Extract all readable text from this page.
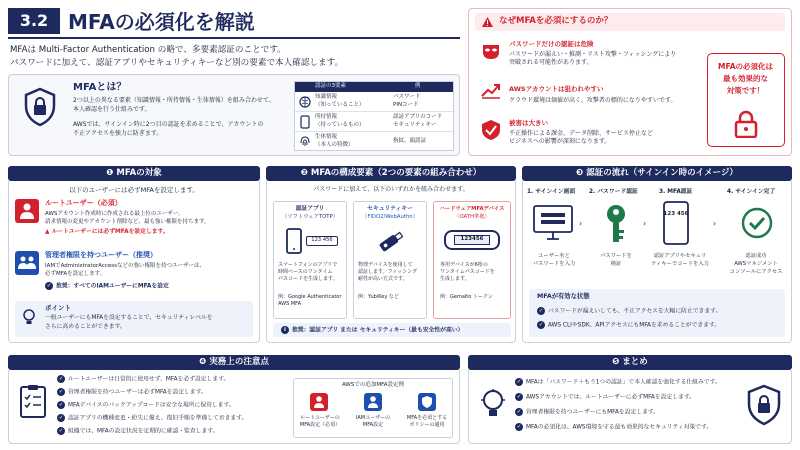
3.2 MFAの必須化を解説
MFAは Multi-Factor Authentication の略で、多要素認証のことです。
パスワードに加えて、認証アプリやセキュリティキーなど別の要素で本人確認します。
MFAとは？
2つ以上の異なる要素（知識情報・所持情報・生体情報）を組み合わせて、
本人確認を行う仕組みです。
AWSでは、サインイン時に2つ目の認証を求めることで、アカウントの
不正アクセスを強力に防ぎます。
認証の3要素	例
知識情報
（知っていること）
パスワード
PINコード
所持情報
（持っているもの）
認証アプリのコード
セキュリティキー
生体情報
（本人の特徴）
指紋、顔認証
なぜMFAを必須にするのか？
パスワードだけの認証は危険
パスワードが漏えい・推測・リスト攻撃・フィッシングにより
突破される可能性があります。
AWSアカウントは狙われやすい
クラウド環境は価値が高く、攻撃者の標的になりやすいです。
被害は大きい
不正操作による課金、データ削除、サービス停止など
ビジネスへの影響が深刻になります。
MFAの必須化は
最も効果的な
対策です！
❶ MFAの対象
以下のユーザーには必ずMFAを設定します。
ルートユーザー（必須）
AWSアカウント作成時に作成される最上位のユーザー。
請求情報の変更やアカウント削除など、最も強い権限を持ちます。
▲ ルートユーザーには必ずMFAを設定します。
管理者権限を持つユーザー（推奨）
IAMでAdministratorAccessなどの強い権限を持つユーザーは、
必ずMFAを設定します。
✓ 推奨：すべてのIAMユーザーにMFAを設定
ポイント
一般ユーザーにもMFAを設定することで、セキュリティレベルを
さらに高めることができます。
❷ MFAの構成要素（2つの要素の組み合わせ）
パスワードに加えて、以下のいずれかを組み合わせます。
認証アプリ
（ソフトウェアTOTP）
123 456
スマートフォンのアプリで
時間ベースのワンタイム
パスコードを生成します。
例：Google Authenticator
AWS MFA
セキュリティキー
（FIDO2/WebAuthn）
物理デバイスを使用して
認証します。フィッシング
耐性が高い方式です。
例：YubiKey など
ハードウェアMFAデバイス
（OATH準拠）
123456
専用デバイスが6桁の
ワンタイムパスコードを
生成します。
例：Gemalto トークン
i 推奨：認証アプリ または セキュリティキー（最も安全性が高い）
❸ 認証の流れ（サインイン時のイメージ）
1. サインイン画面
ユーザー名と
パスワードを入力
›
2. パスワード認証
パスワードを
検証
›
3. MFA認証
123 456
認証アプリやセキュリ
ティキーでコードを入力
›
4. サインイン完了
認証成功
AWSマネジメント
コンソールにアクセス
MFAが有効な状態
✓ パスワードが漏えいしても、不正アクセスを大幅に防止できます。
✓ AWS CLIやSDK、APIアクセスにもMFAを求めることができます。
❹ 実務上の注意点
✓ ルートユーザーは日常的に使用せず、MFAを必ず設定します。
✓ 管理者権限を持つユーザーは必ずMFAを設定します。
✓ MFAデバイスのバックアップコードは安全な場所に保管します。
✓ 認証アプリの機種変更・紛失に備え、復旧手順を準備しておきます。
✓ 組織では、MFAの設定状況を定期的に確認・監査します。
AWSでの追加MFA設定例
ルートユーザーの
MFA設定（必須）
IAMユーザーの
MFA設定
MFAを必須とする
ポリシーの適用
❺ まとめ
✓ MFAは「パスワード＋もう1つの認証」で本人確認を強化する仕組みです。
✓ AWSアカウントでは、ルートユーザーに必ずMFAを設定します。
✓ 管理者権限を持つユーザーにもMFAを設定します。
✓ MFAの必須化は、AWS環境を守る最も効果的なセキュリティ対策です。
